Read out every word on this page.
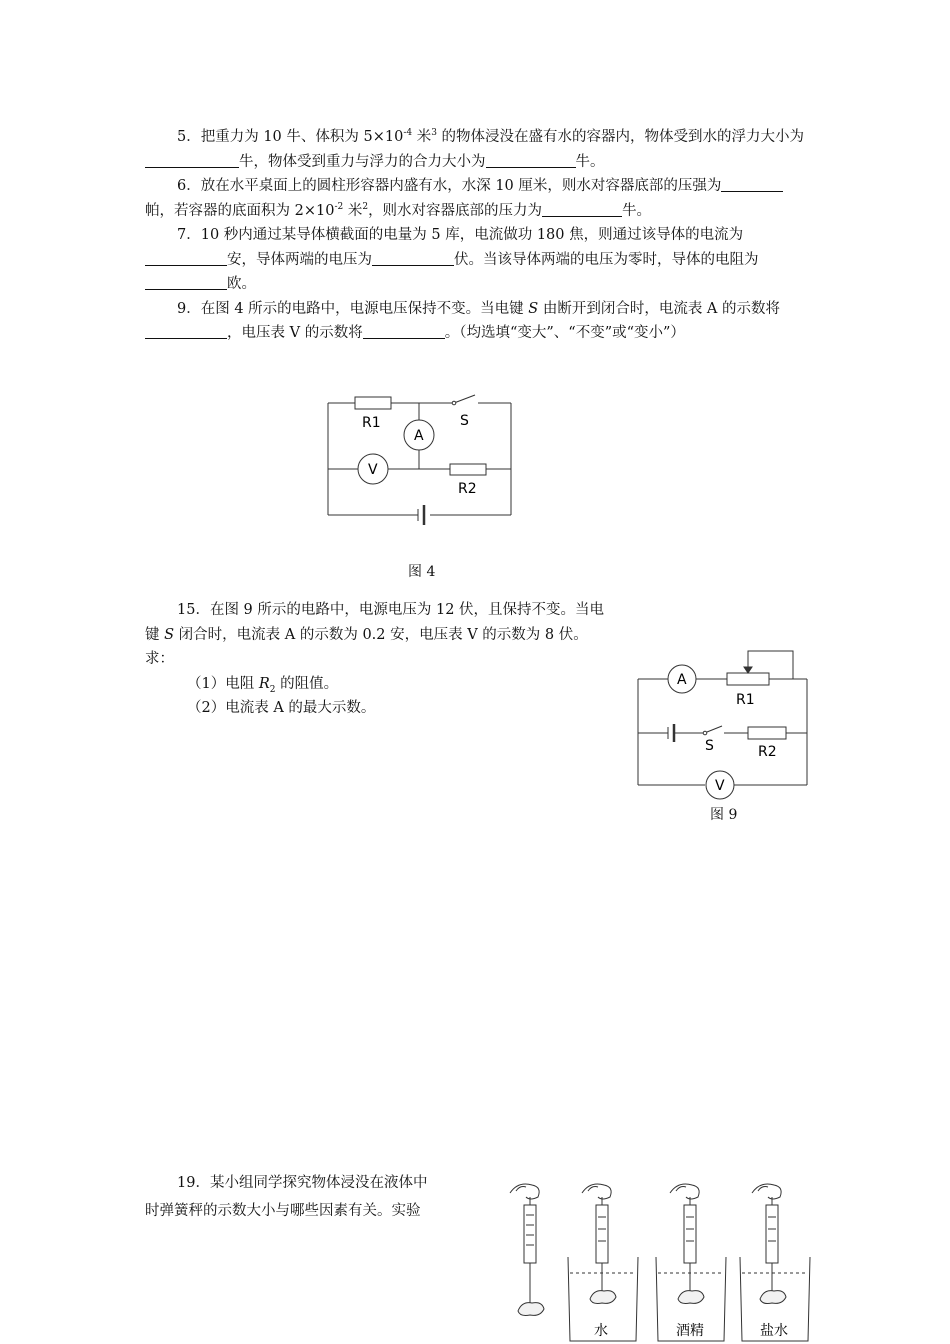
5．把重力为 10 牛、体积为 $5\times 10^{-4}$ 米$^3$ 的物体浸没在盛有水的容器内，物体受到水的浮力大小为牛，物体受到重力与浮力的合力大小为	牛。

6．放在水平桌面上的圆柱形容器内盛有水，水深 10 厘米，则水对容器底部的压强为帕，若容器的底面积为 $2\times 10^{-2}$ 米$^2$，则水对容器底部的压力为	牛。

7．10 秒内通过某导体横截面的电量为 5 库，电流做功 180 焦，则通过该导体的电流为安，导体两端的电压为	伏。当该导体两端的电压为零时，导体的电阻为欧。

9．在图 4 所示的电路中，电源电压保持不变。当电键 S 由断开到闭合时，电流表 A 的示数将，电压表 V 的示数将	。（均选填“变大”、“不变”或“变小”）

R1	S
A
V
R2
图 4

15．在图 9 所示的电路中，电源电压为 12 伏，且保持不变。当电键 S 闭合时，电流表 A 的示数为 0.2 安，电压表 V 的示数为 8 伏。求：

（1）电阻 $R_2$ 的阻值。

（2）电流表 A 的最大示数。

A
R1
S	R2
V
图 9

19．某小组同学探究物体浸没在液体中

时弹簧秤的示数大小与哪些因素有关。实验

水	酒精	盐水
